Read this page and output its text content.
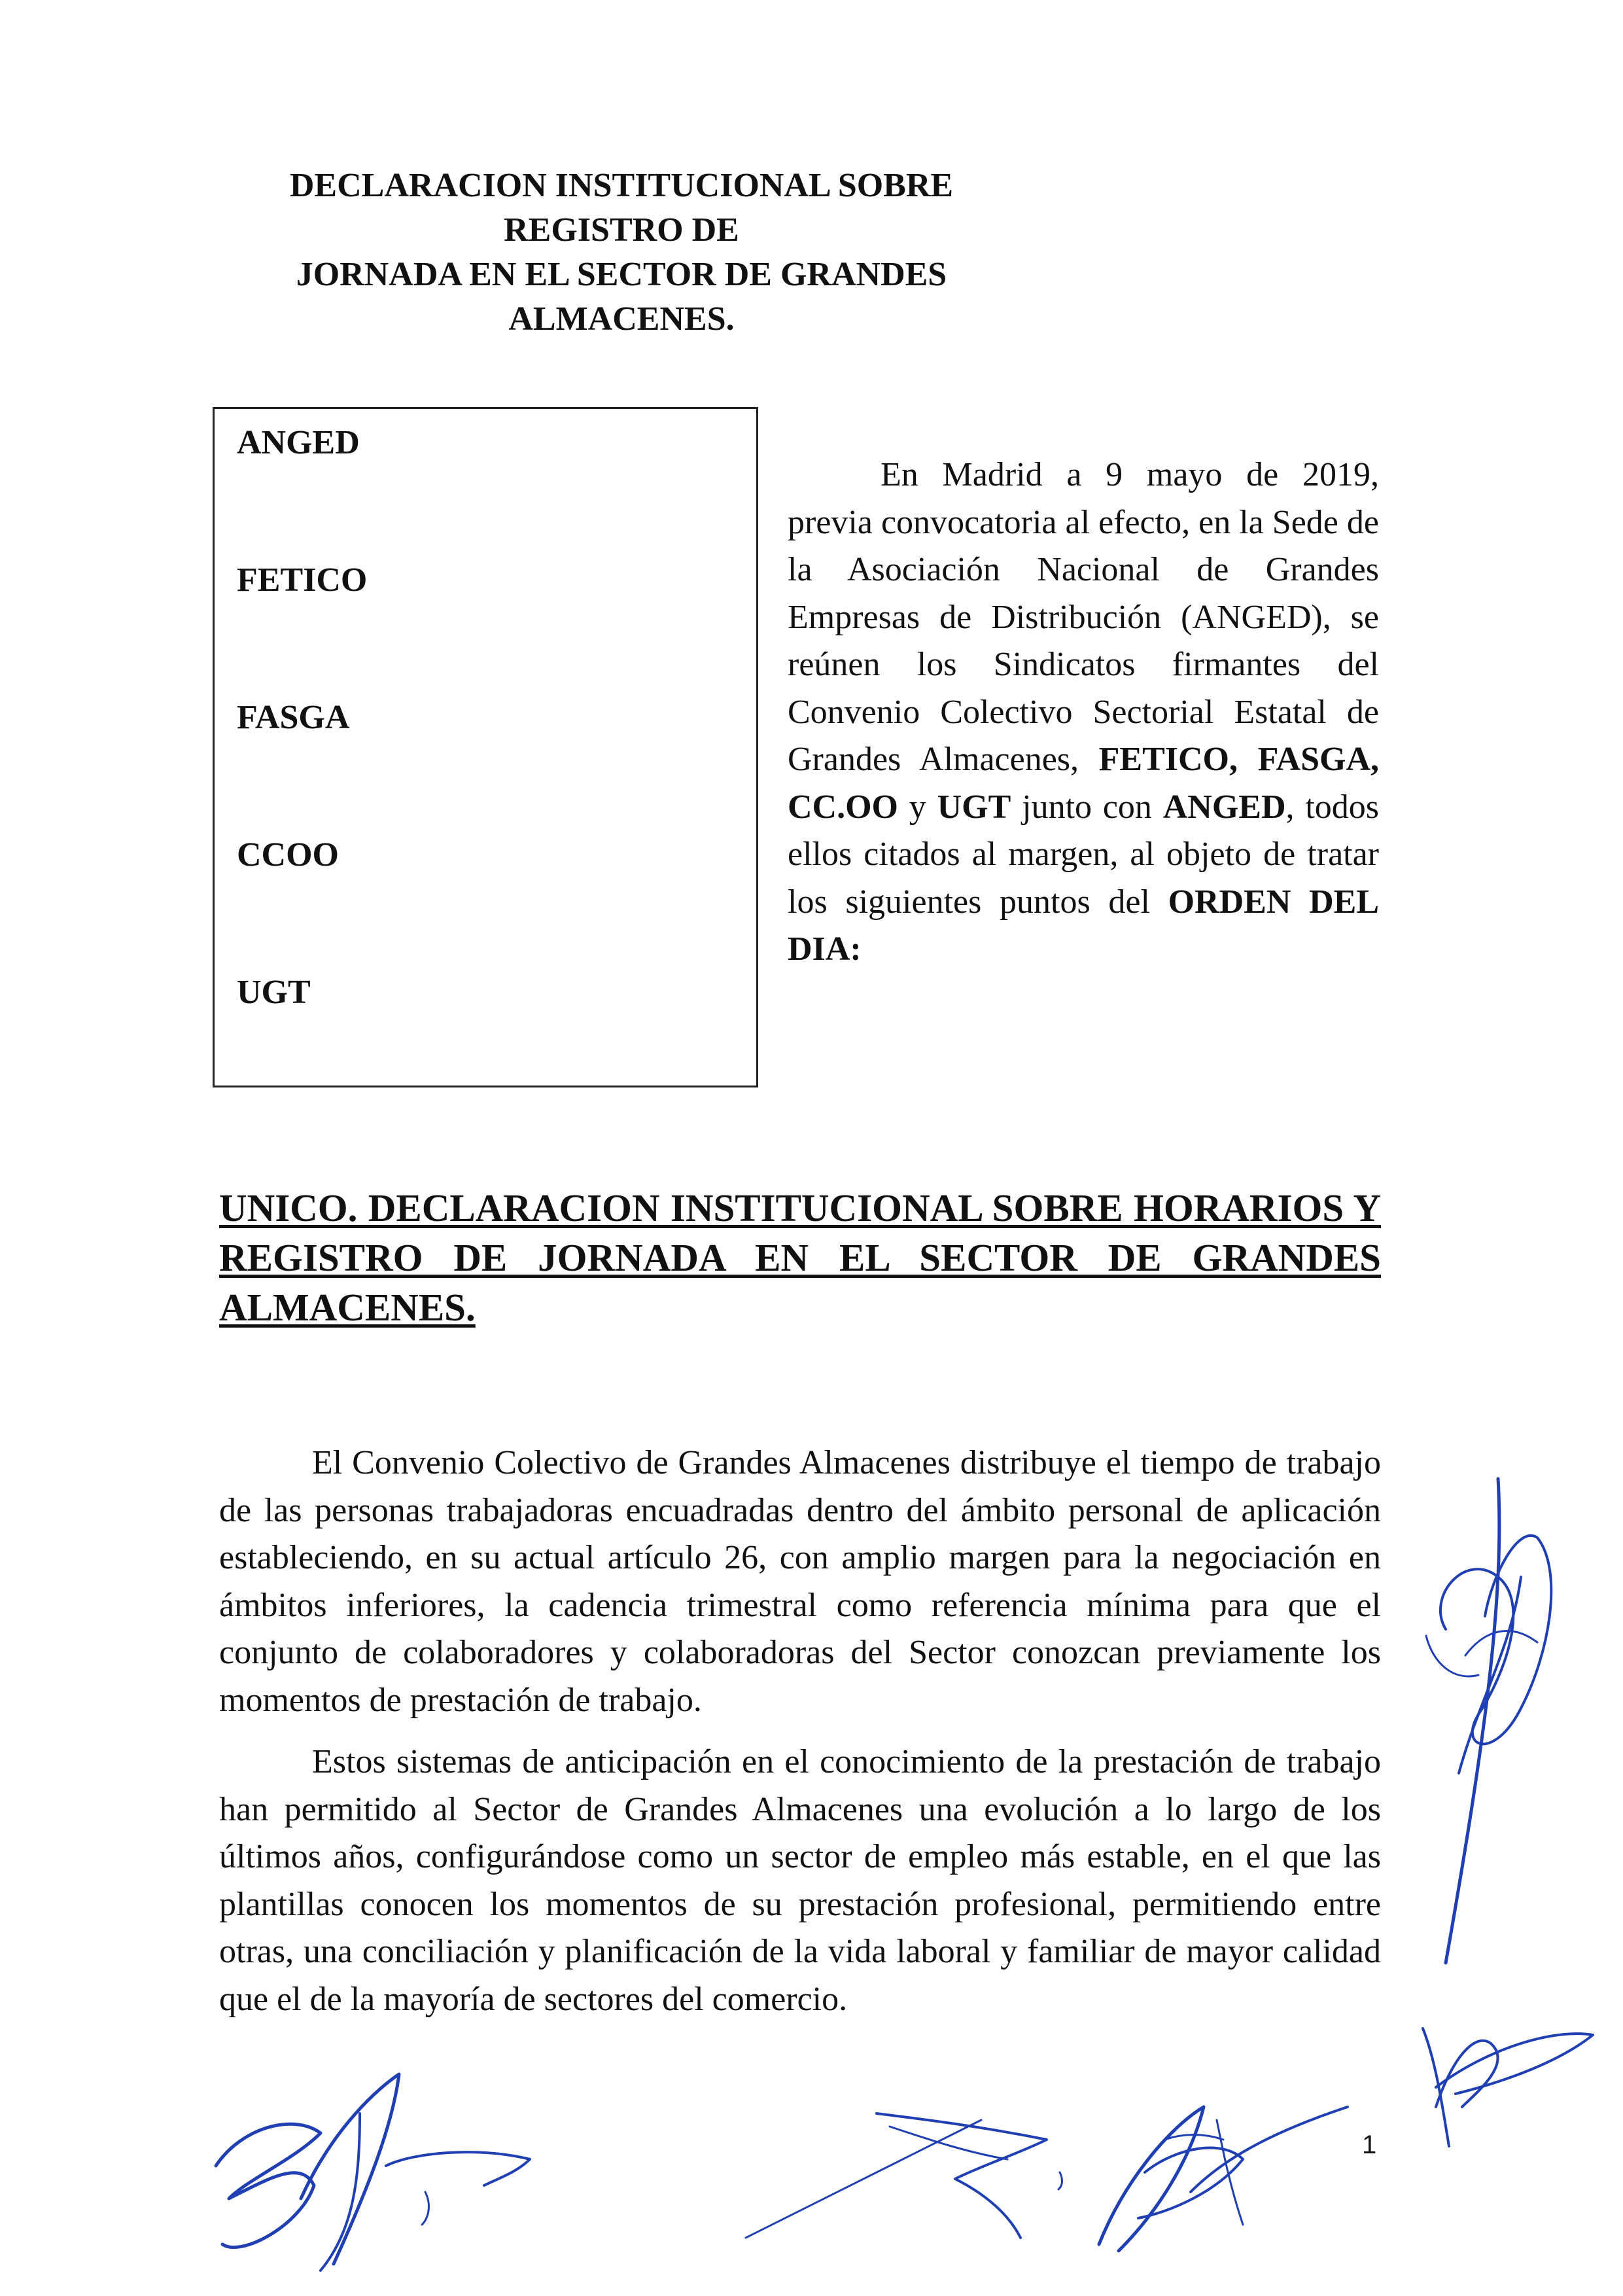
DECLARACION INSTITUCIONAL SOBRE REGISTRO DE
JORNADA EN EL SECTOR DE GRANDES ALMACENES.
ANGED
FETICO
FASGA
CCOO
UGT

En Madrid a 9 mayo de 2019, previa convocatoria al efecto, en la Sede de la Asociación Nacional de Grandes Empresas de Distribución (ANGED), se reúnen los Sindicatos firmantes del Convenio Colectivo Sectorial Estatal de Grandes Almacenes, FETICO, FASGA, CC.OO y UGT junto con ANGED, todos ellos citados al margen, al objeto de tratar los siguientes puntos del ORDEN DEL DIA:

UNICO. DECLARACION INSTITUCIONAL SOBRE HORARIOS Y REGISTRO DE JORNADA EN EL SECTOR DE GRANDES ALMACENES.

El Convenio Colectivo de Grandes Almacenes distribuye el tiempo de trabajo de las personas trabajadoras encuadradas dentro del ámbito personal de aplicación estableciendo, en su actual artículo 26, con amplio margen para la negociación en ámbitos inferiores, la cadencia trimestral como referencia mínima para que el conjunto de colaboradores y colaboradoras del Sector conozcan previamente los momentos de prestación de trabajo.

Estos sistemas de anticipación en el conocimiento de la prestación de trabajo han permitido al Sector de Grandes Almacenes una evolución a lo largo de los últimos años, configurándose como un sector de empleo más estable, en el que las plantillas conocen los momentos de su prestación profesional, permitiendo entre otras, una conciliación y planificación de la vida laboral y familiar de mayor calidad que el de la mayoría de sectores del comercio.

1
